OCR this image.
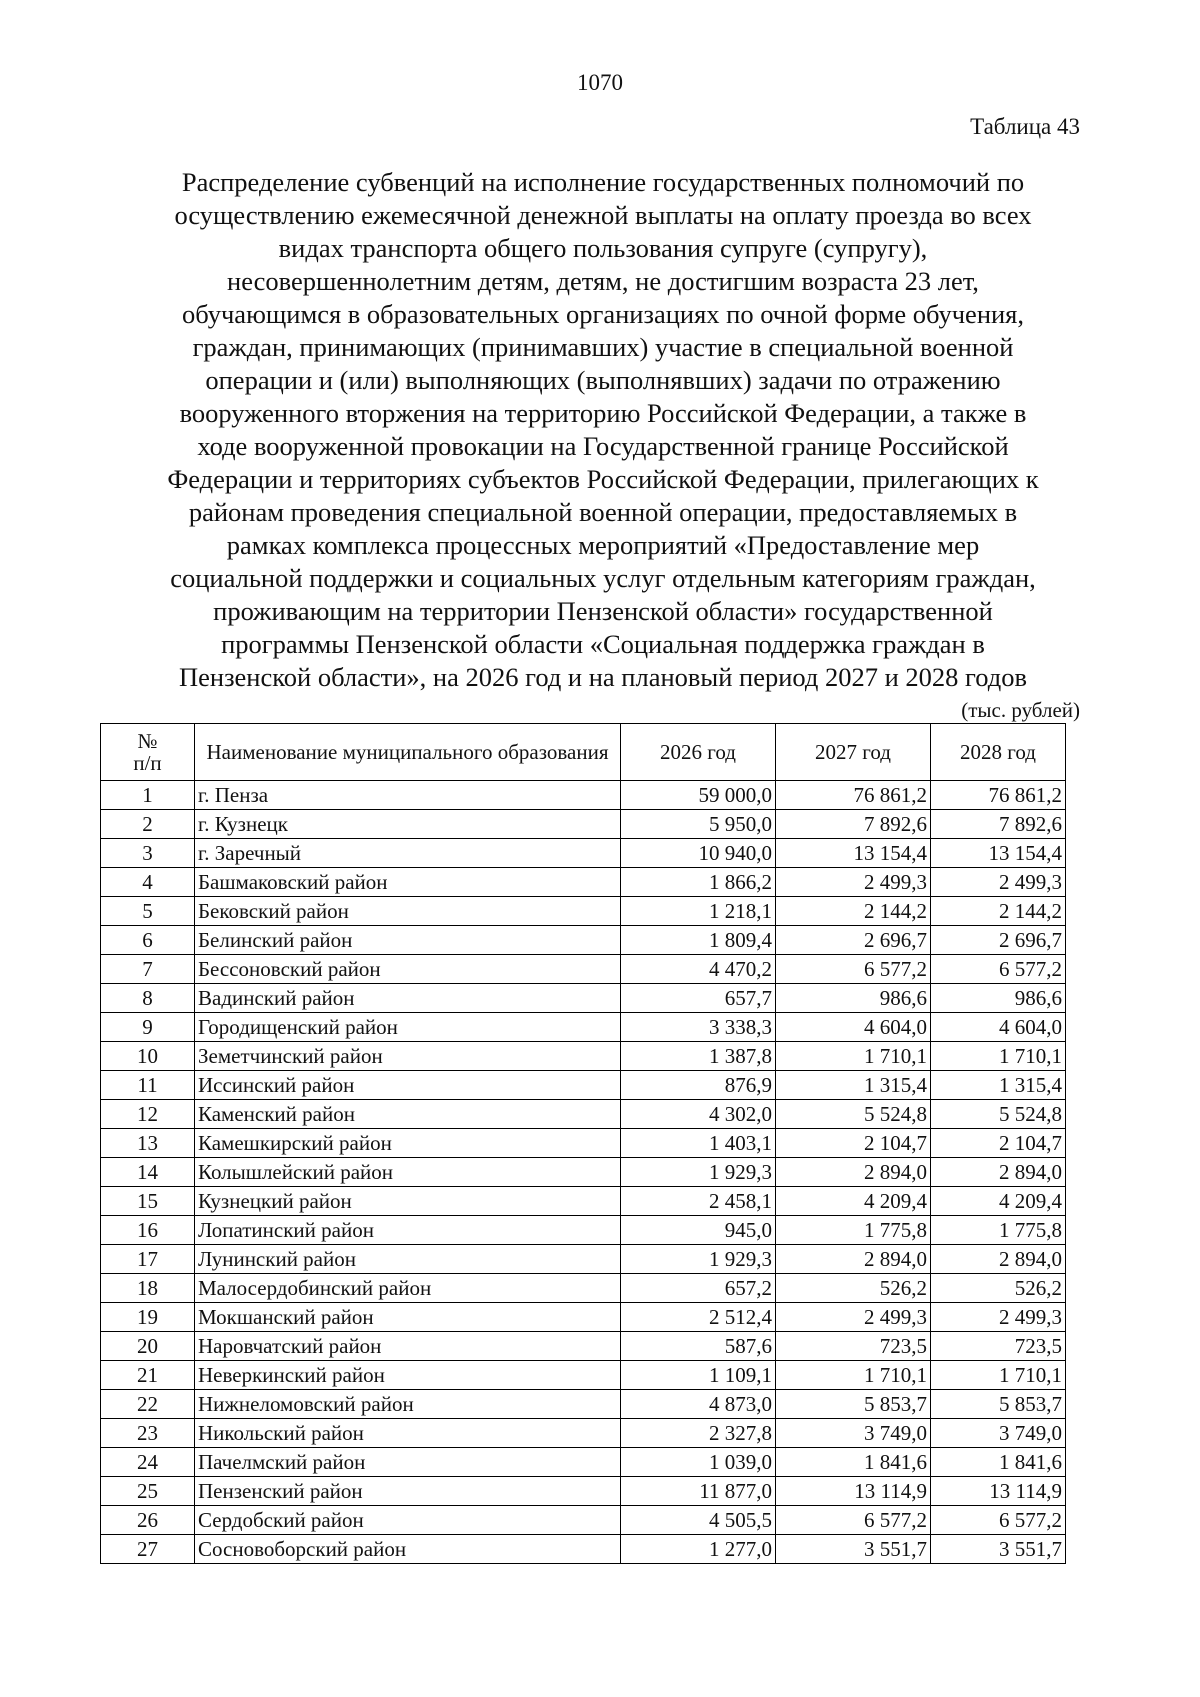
1070
Таблица 43
Распределение субвенций на исполнение государственных полномочий по
осуществлению ежемесячной денежной выплаты на оплату проезда во всех
видах транспорта общего пользования супруге (супругу),
несовершеннолетним детям, детям, не достигшим возраста 23 лет,
обучающимся в образовательных организациях по очной форме обучения,
граждан, принимающих (принимавших) участие в специальной военной
операции и (или) выполняющих (выполнявших) задачи по отражению
вооруженного вторжения на территорию Российской Федерации, а также в
ходе вооруженной провокации на Государственной границе Российской
Федерации и территориях субъектов Российской Федерации, прилегающих к
районам проведения специальной военной операции, предоставляемых в
рамках комплекса процессных мероприятий «Предоставление мер
социальной поддержки и социальных услуг отдельным категориям граждан,
проживающим на территории Пензенской области» государственной
программы Пензенской области «Социальная поддержка граждан в
Пензенской области», на 2026 год и на плановый период 2027 и 2028 годов
(тыс. рублей)
№
п/п	Наименование муниципального образования	2026 год	2027 год	2028 год
1	г. Пенза	59 000,0	76 861,2	76 861,2
2	г. Кузнецк	5 950,0	7 892,6	7 892,6
3	г. Заречный	10 940,0	13 154,4	13 154,4
4	Башмаковский район	1 866,2	2 499,3	2 499,3
5	Бековский район	1 218,1	2 144,2	2 144,2
6	Белинский район	1 809,4	2 696,7	2 696,7
7	Бессоновский район	4 470,2	6 577,2	6 577,2
8	Вадинский район	657,7	986,6	986,6
9	Городищенский район	3 338,3	4 604,0	4 604,0
10	Земетчинский район	1 387,8	1 710,1	1 710,1
11	Иссинский район	876,9	1 315,4	1 315,4
12	Каменский район	4 302,0	5 524,8	5 524,8
13	Камешкирский район	1 403,1	2 104,7	2 104,7
14	Колышлейский район	1 929,3	2 894,0	2 894,0
15	Кузнецкий район	2 458,1	4 209,4	4 209,4
16	Лопатинский район	945,0	1 775,8	1 775,8
17	Лунинский район	1 929,3	2 894,0	2 894,0
18	Малосердобинский район	657,2	526,2	526,2
19	Мокшанский район	2 512,4	2 499,3	2 499,3
20	Наровчатский район	587,6	723,5	723,5
21	Неверкинский район	1 109,1	1 710,1	1 710,1
22	Нижнеломовский район	4 873,0	5 853,7	5 853,7
23	Никольский район	2 327,8	3 749,0	3 749,0
24	Пачелмский район	1 039,0	1 841,6	1 841,6
25	Пензенский район	11 877,0	13 114,9	13 114,9
26	Сердобский район	4 505,5	6 577,2	6 577,2
27	Сосновоборский район	1 277,0	3 551,7	3 551,7
